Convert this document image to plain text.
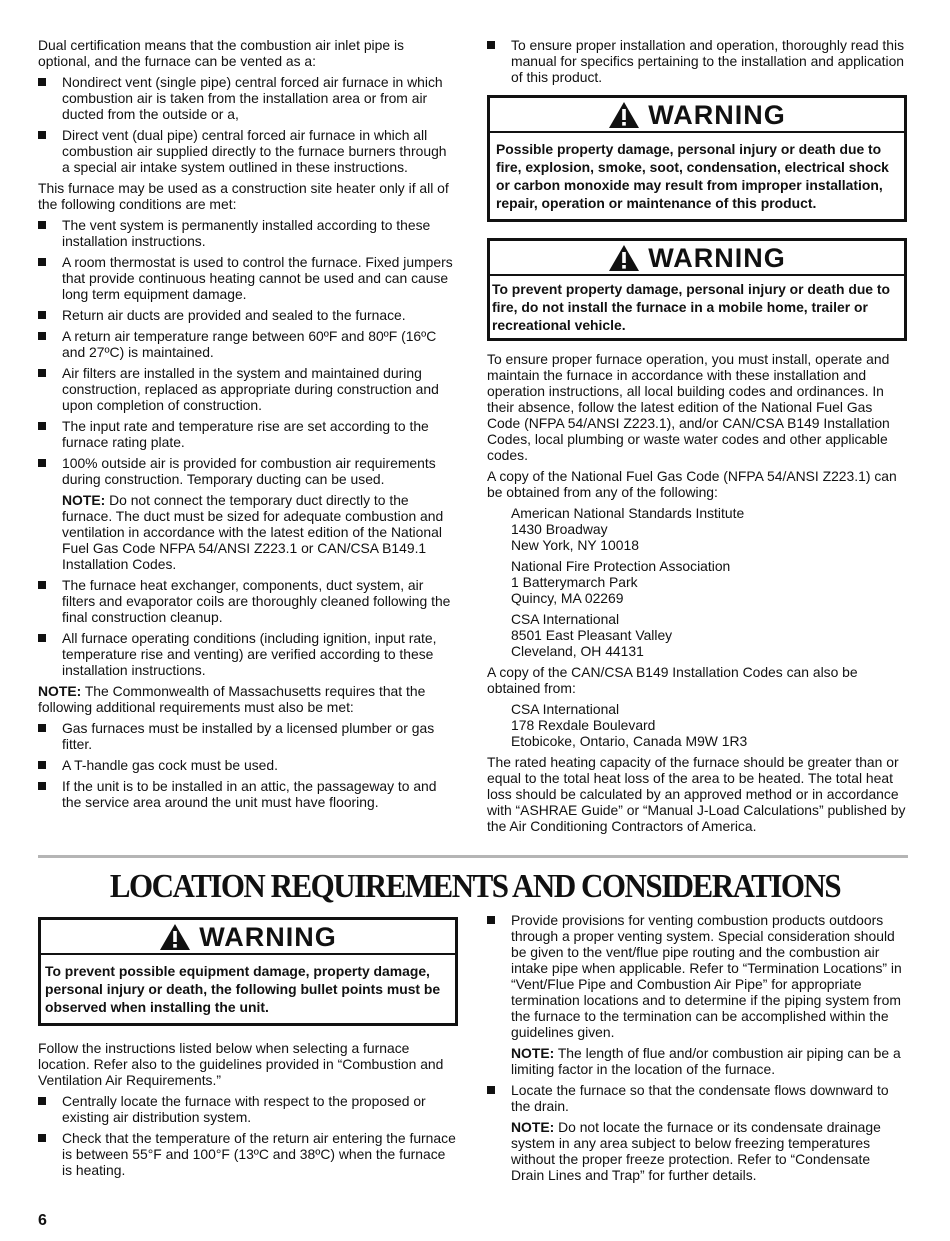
Dual certification means that the combustion air inlet pipe is optional, and the furnace can be vented as a:

Nondirect vent (single pipe) central forced air furnace in which combustion air is taken from the installation area or from air ducted from the outside or a,
Direct vent (dual pipe) central forced air furnace in which all combustion air supplied directly to the furnace burners through a special air intake system outlined in these instructions.

This furnace may be used as a construction site heater only if all of the following conditions are met:

The vent system is permanently installed according to these installation instructions.
A room thermostat is used to control the furnace. Fixed jumpers that provide continuous heating cannot be used and can cause long term equipment damage.
Return air ducts are provided and sealed to the furnace.
A return air temperature range between 60ºF and 80ºF (16ºC and 27ºC) is maintained.
Air filters are installed in the system and maintained during construction, replaced as appropriate during construction and upon completion of construction.
The input rate and temperature rise are set according to the furnace rating plate.
100% outside air is provided for combustion air requirements during construction. Temporary ducting can be used.
NOTE: Do not connect the temporary duct directly to the furnace. The duct must be sized for adequate combustion and ventilation in accordance with the latest edition of the National Fuel Gas Code NFPA 54/ANSI Z223.1 or CAN/CSA B149.1 Installation Codes.
The furnace heat exchanger, components, duct system, air filters and evaporator coils are thoroughly cleaned following the final construction cleanup.
All furnace operating conditions (including ignition, input rate, temperature rise and venting) are verified according to these installation instructions.

NOTE: The Commonwealth of Massachusetts requires that the following additional requirements must also be met:

Gas furnaces must be installed by a licensed plumber or gas fitter.
A T-handle gas cock must be used.
If the unit is to be installed in an attic, the passageway to and the service area around the unit must have flooring.
To ensure proper installation and operation, thoroughly read this manual for specifics pertaining to the installation and application of this product.
WARNING
Possible property damage, personal injury or death due to fire, explosion, smoke, soot, condensation, electrical shock or carbon monoxide may result from improper installation, repair, operation or maintenance of this product.
WARNING
To prevent property damage, personal injury or death due to fire, do not install the furnace in a mobile home, trailer or recreational vehicle.

To ensure proper furnace operation, you must install, operate and maintain the furnace in accordance with these installation and operation instructions, all local building codes and ordinances. In their absence, follow the latest edition of the National Fuel Gas Code (NFPA 54/ANSI Z223.1), and/or CAN/CSA B149 Installation Codes, local plumbing or waste water codes and other applicable codes.

A copy of the National Fuel Gas Code (NFPA 54/ANSI Z223.1) can be obtained from any of the following:

American National Standards Institute
1430 Broadway
New York, NY 10018
National Fire Protection Association
1 Batterymarch Park
Quincy, MA 02269
CSA International
8501 East Pleasant Valley
Cleveland, OH 44131

A copy of the CAN/CSA B149 Installation Codes can also be obtained from:

CSA International
178 Rexdale Boulevard
Etobicoke, Ontario, Canada M9W 1R3

The rated heating capacity of the furnace should be greater than or equal to the total heat loss of the area to be heated. The total heat loss should be calculated by an approved method or in accordance with “ASHRAE Guide” or “Manual J-Load Calculations” published by the Air Conditioning Contractors of America.

LOCATION REQUIREMENTS AND CONSIDERATIONS
WARNING
To prevent possible equipment damage, property damage, personal injury or death, the following bullet points must be observed when installing the unit.

Follow the instructions listed below when selecting a furnace location. Refer also to the guidelines provided in “Combustion and Ventilation Air Requirements.”

Centrally locate the furnace with respect to the proposed or existing air distribution system.
Check that the temperature of the return air entering the furnace is between 55°F and 100°F (13ºC and 38ºC) when the furnace is heating.
Provide provisions for venting combustion products outdoors through a proper venting system. Special consideration should be given to the vent/flue pipe routing and the combustion air intake pipe when applicable. Refer to “Termination Locations” in “Vent/Flue Pipe and Combustion Air Pipe” for appropriate termination locations and to determine if the piping system from the furnace to the termination can be accomplished within the guidelines given.
NOTE: The length of flue and/or combustion air piping can be a limiting factor in the location of the furnace.
Locate the furnace so that the condensate flows downward to the drain.
NOTE: Do not locate the furnace or its condensate drainage system in any area subject to below freezing temperatures without the proper freeze protection. Refer to “Condensate Drain Lines and Trap” for further details.
6
